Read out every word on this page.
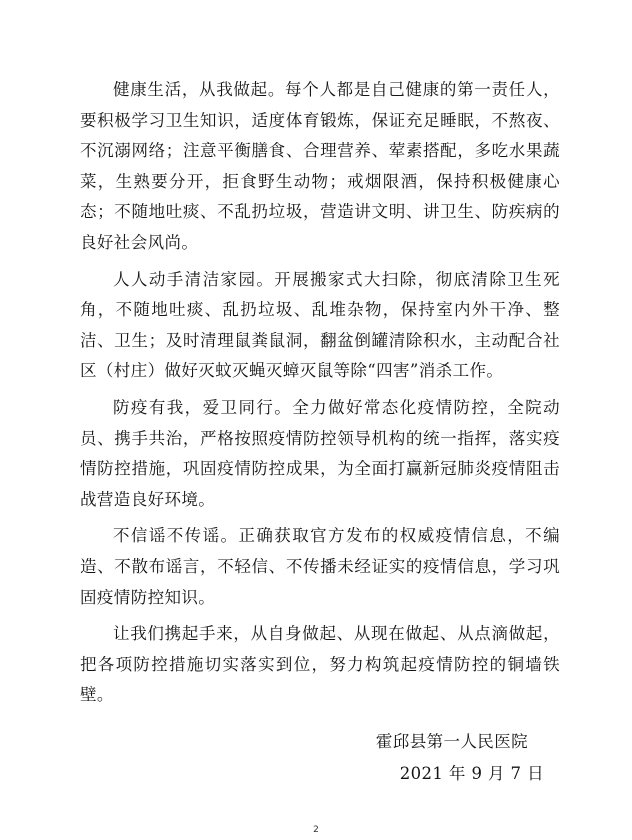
健康生活，从我做起。每个人都是自己健康的第一责任人，要积极学习卫生知识，适度体育锻炼，保证充足睡眠，不熬夜、不沉溺网络；注意平衡膳食、合理营养、荤素搭配，多吃水果蔬菜，生熟要分开，拒食野生动物；戒烟限酒，保持积极健康心态；不随地吐痰、不乱扔垃圾，营造讲文明、讲卫生、防疾病的良好社会风尚。

人人动手清洁家园。开展搬家式大扫除，彻底清除卫生死角，不随地吐痰、乱扔垃圾、乱堆杂物，保持室内外干净、整洁、卫生；及时清理鼠粪鼠洞，翻盆倒罐清除积水，主动配合社区（村庄）做好灭蚊灭蝇灭蟑灭鼠等除“四害”消杀工作。

防疫有我，爱卫同行。全力做好常态化疫情防控，全院动员、携手共治，严格按照疫情防控领导机构的统一指挥，落实疫情防控措施，巩固疫情防控成果，为全面打赢新冠肺炎疫情阻击战营造良好环境。

不信谣不传谣。正确获取官方发布的权威疫情信息，不编造、不散布谣言，不轻信、不传播未经证实的疫情信息，学习巩固疫情防控知识。

让我们携起手来，从自身做起、从现在做起、从点滴做起，把各项防控措施切实落实到位，努力构筑起疫情防控的铜墙铁壁。

霍邱县第一人民医院
2021 年 9 月 7 日
2
